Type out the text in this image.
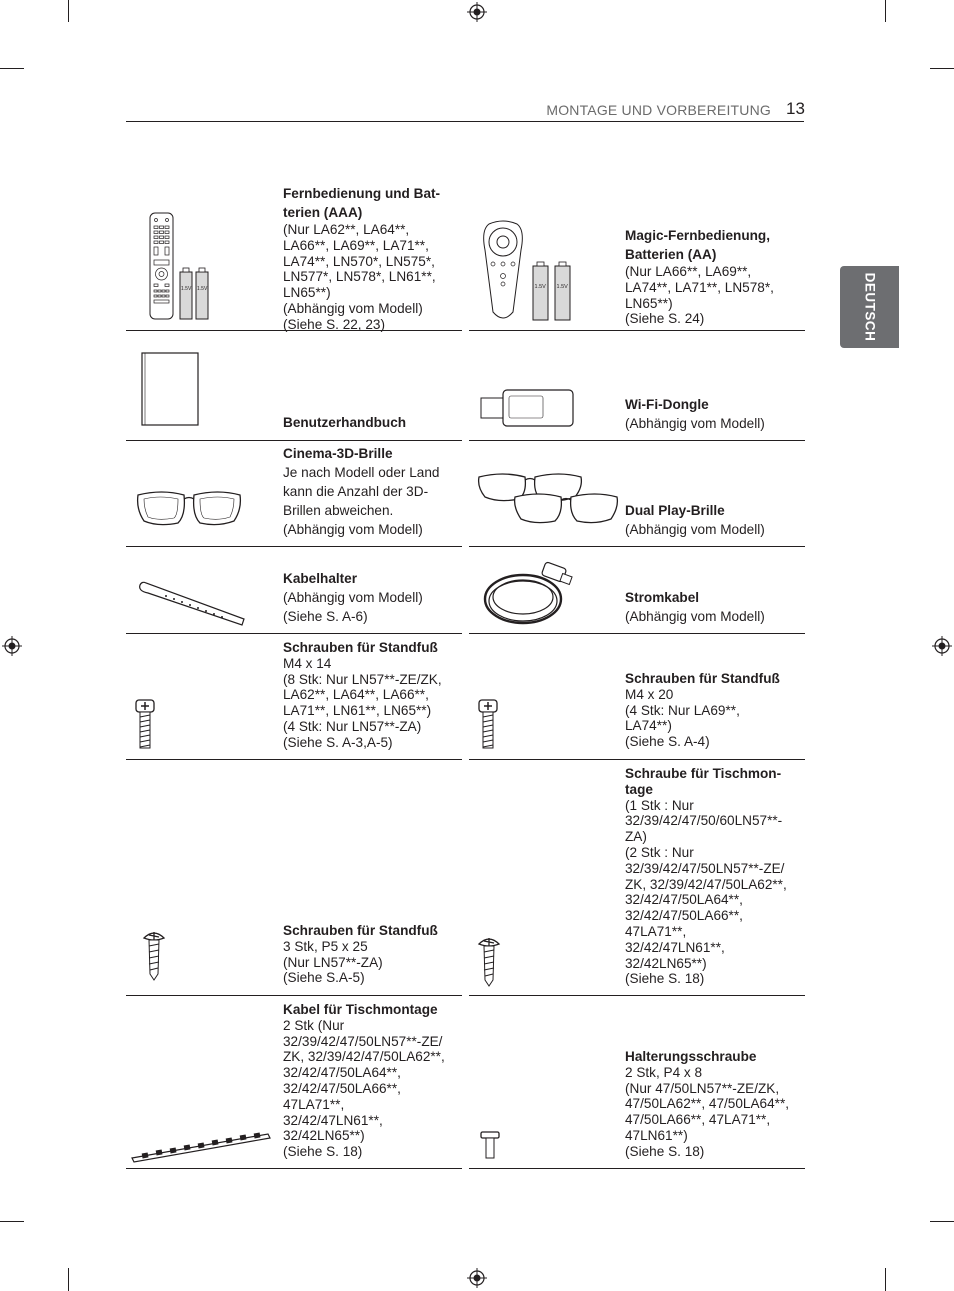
MONTAGE UND VORBEREITUNG 13
DEUTSCH
1.5V 1.5V
Fernbedienung und Bat-
terien (AAA)
(Nur LA62**, LA64**,
LA66**, LA69**, LA71**,
LA74**, LN570*, LN575*,
LN577*, LN578*, LN61**,
LN65**)
(Abhängig vom Modell)
(Siehe S. 22, 23)
1.5V 1.5V
Magic-Fernbedienung,
Batterien (AA)
(Nur LA66**, LA69**,
LA74**, LA71**, LN578*,
LN65**)
(Siehe S. 24)
Benutzerhandbuch
Wi-Fi-Dongle
(Abhängig vom Modell)
Cinema-3D-Brille
Je nach Modell oder Land
kann die Anzahl der 3D-
Brillen abweichen.
(Abhängig vom Modell)
Dual Play-Brille
(Abhängig vom Modell)
Kabelhalter
(Abhängig vom Modell)
(Siehe S. A-6)
Stromkabel
(Abhängig vom Modell)
Schrauben für Standfuß
M4 x 14
(8 Stk: Nur LN57**-ZE/ZK,
LA62**, LA64**, LA66**,
LA71**, LN61**, LN65**)
(4 Stk: Nur LN57**-ZA)
(Siehe S. A-3,A-5)
Schrauben für Standfuß
M4 x 20
(4 Stk: Nur LA69**,
LA74**)
(Siehe S. A-4)
Schrauben für Standfuß
3 Stk, P5 x 25
(Nur LN57**-ZA)
(Siehe S.A-5)
Schraube für Tischmon-
tage
(1 Stk : Nur
32/39/42/47/50/60LN57**-
ZA)
(2 Stk : Nur
32/39/42/47/50LN57**-ZE/
ZK, 32/39/42/47/50LA62**,
32/42/47/50LA64**,
32/42/47/50LA66**,
47LA71**,
32/42/47LN61**,
32/42LN65**)
(Siehe S. 18)
Kabel für Tischmontage
2 Stk (Nur
32/39/42/47/50LN57**-ZE/
ZK, 32/39/42/47/50LA62**,
32/42/47/50LA64**,
32/42/47/50LA66**,
47LA71**,
32/42/47LN61**,
32/42LN65**)
(Siehe S. 18)
Halterungsschraube
2 Stk, P4 x 8
(Nur 47/50LN57**-ZE/ZK,
47/50LA62**, 47/50LA64**,
47/50LA66**, 47LA71**,
47LN61**)
(Siehe S. 18)
